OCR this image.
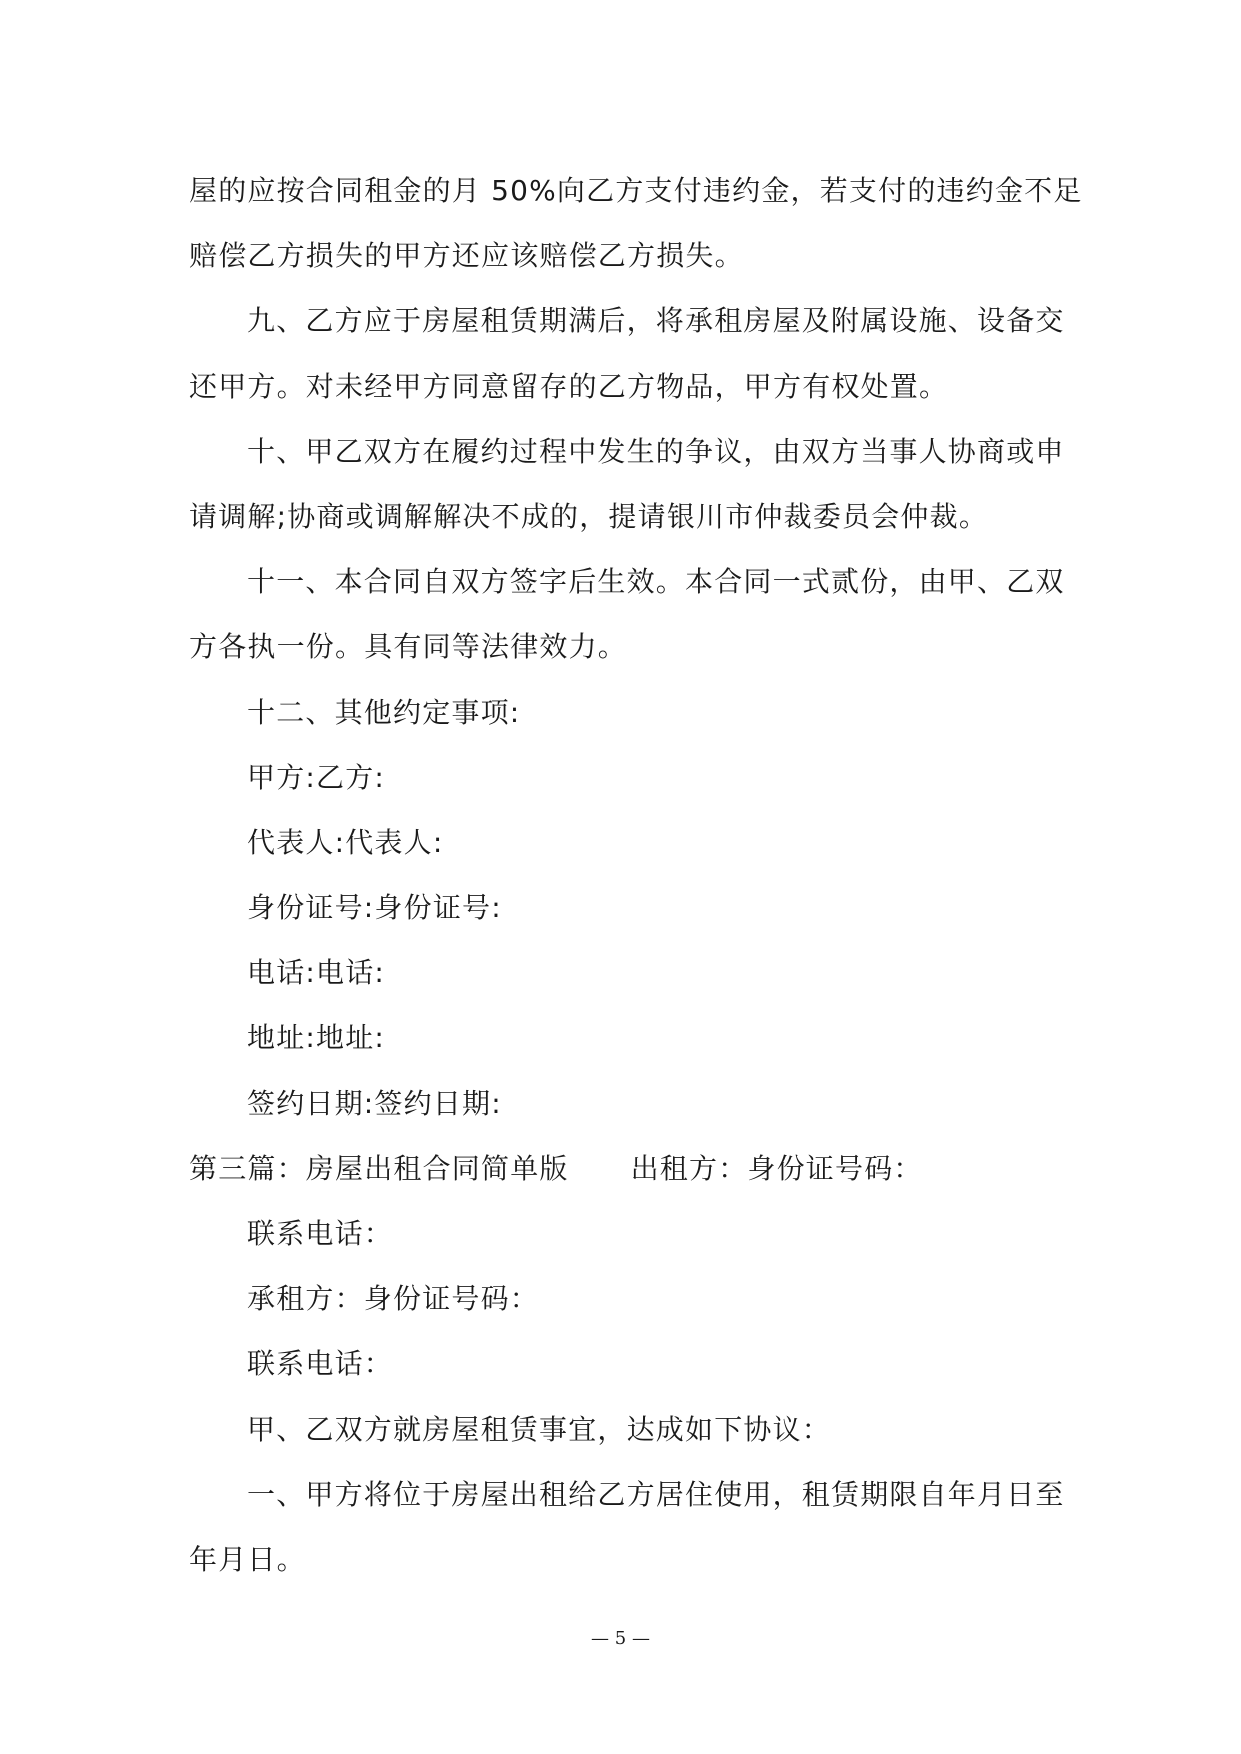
屋的应按合同租金的月 50%向乙方支付违约金，若支付的违约金不足
赔偿乙方损失的甲方还应该赔偿乙方损失。
九、乙方应于房屋租赁期满后，将承租房屋及附属设施、设备交
还甲方。对未经甲方同意留存的乙方物品，甲方有权处置。
十、甲乙双方在履约过程中发生的争议，由双方当事人协商或申
请调解;协商或调解解决不成的，提请银川市仲裁委员会仲裁。
十一、本合同自双方签字后生效。本合同一式贰份，由甲、乙双
方各执一份。具有同等法律效力。
十二、其他约定事项:
甲方:乙方:
代表人:代表人:
身份证号:身份证号:
电话:电话:
地址:地址:
签约日期:签约日期:
第三篇：房屋出租合同简单版 出租方：身份证号码：
联系电话：
承租方：身份证号码：
联系电话：
甲、乙双方就房屋租赁事宜，达成如下协议：
一、甲方将位于房屋出租给乙方居住使用，租赁期限自年月日至
年月日。
— 5 —
